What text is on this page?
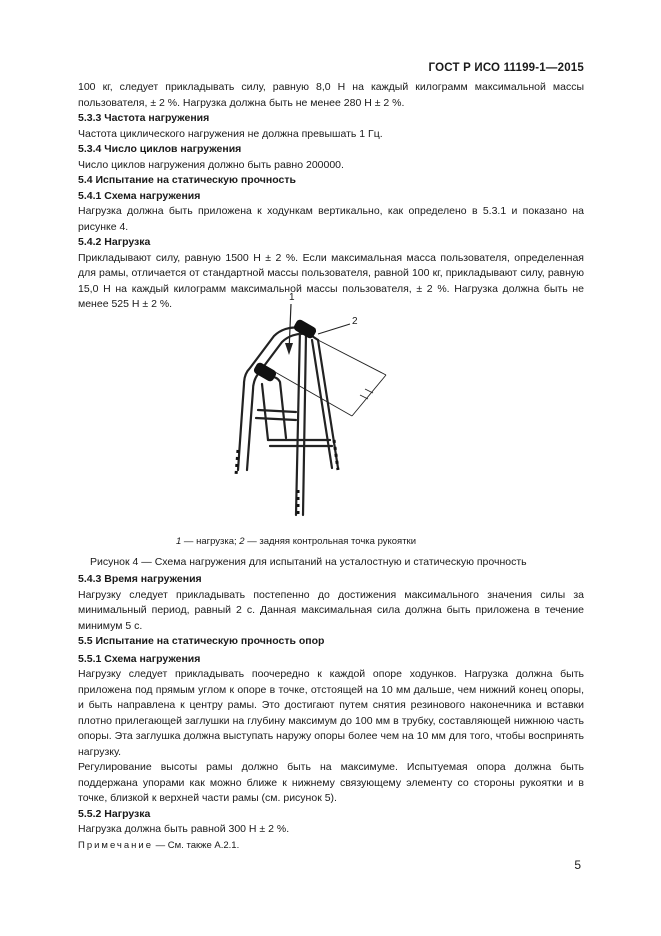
ГОСТ Р ИСО 11199-1—2015

100 кг, следует прикладывать силу, равную 8,0 Н на каждый килограмм максимальной массы пользователя, ± 2 %. Нагрузка должна быть не менее 280 Н ± 2 %.

5.3.3 Частота нагружения

Частота циклического нагружения не должна превышать 1 Гц.

5.3.4 Число циклов нагружения

Число циклов нагружения должно быть равно 200000.

5.4 Испытание на статическую прочность

5.4.1 Схема нагружения

Нагрузка должна быть приложена к ходункам вертикально, как определено в 5.3.1 и показано на рисунке 4.

5.4.2 Нагрузка

Прикладывают силу, равную 1500 Н ± 2 %. Если максимальная масса пользователя, определенная для рамы, отличается от стандартной массы пользователя, равной 100 кг, прикладывают силу, равную 15,0 Н на каждый килограмм максимальной массы пользователя, ± 2 %. Нагрузка должна быть не менее 525 Н ± 2 %.

1
2
1 — нагрузка; 2 — задняя контрольная точка рукоятки
Рисунок 4 — Схема нагружения для испытаний на усталостную и статическую прочность

5.4.3 Время нагружения

Нагрузку следует прикладывать постепенно до достижения максимального значения силы за минимальный период, равный 2 с. Данная максимальная сила должна быть приложена в течение минимум 5 с.

5.5 Испытание на статическую прочность опор

5.5.1 Схема нагружения

Нагрузку следует прикладывать поочередно к каждой опоре ходунков. Нагрузка должна быть приложена под прямым углом к опоре в точке, отстоящей на 10 мм дальше, чем нижний конец опоры, и быть направлена к центру рамы. Это достигают путем снятия резинового наконечника и вставки плотно прилегающей заглушки на глубину максимум до 100 мм в трубку, составляющей нижнюю часть опоры. Эта заглушка должна выступать наружу опоры более чем на 10 мм для того, чтобы воспринять нагрузку.

Регулирование высоты рамы должно быть на максимуме. Испытуемая опора должна быть поддержана упорами как можно ближе к нижнему связующему элементу со стороны рукоятки и в точке, близкой к верхней части рамы (см. рисунок 5).

5.5.2 Нагрузка

Нагрузка должна быть равной 300 Н ± 2 %.

Примечание — См. также А.2.1.

5
